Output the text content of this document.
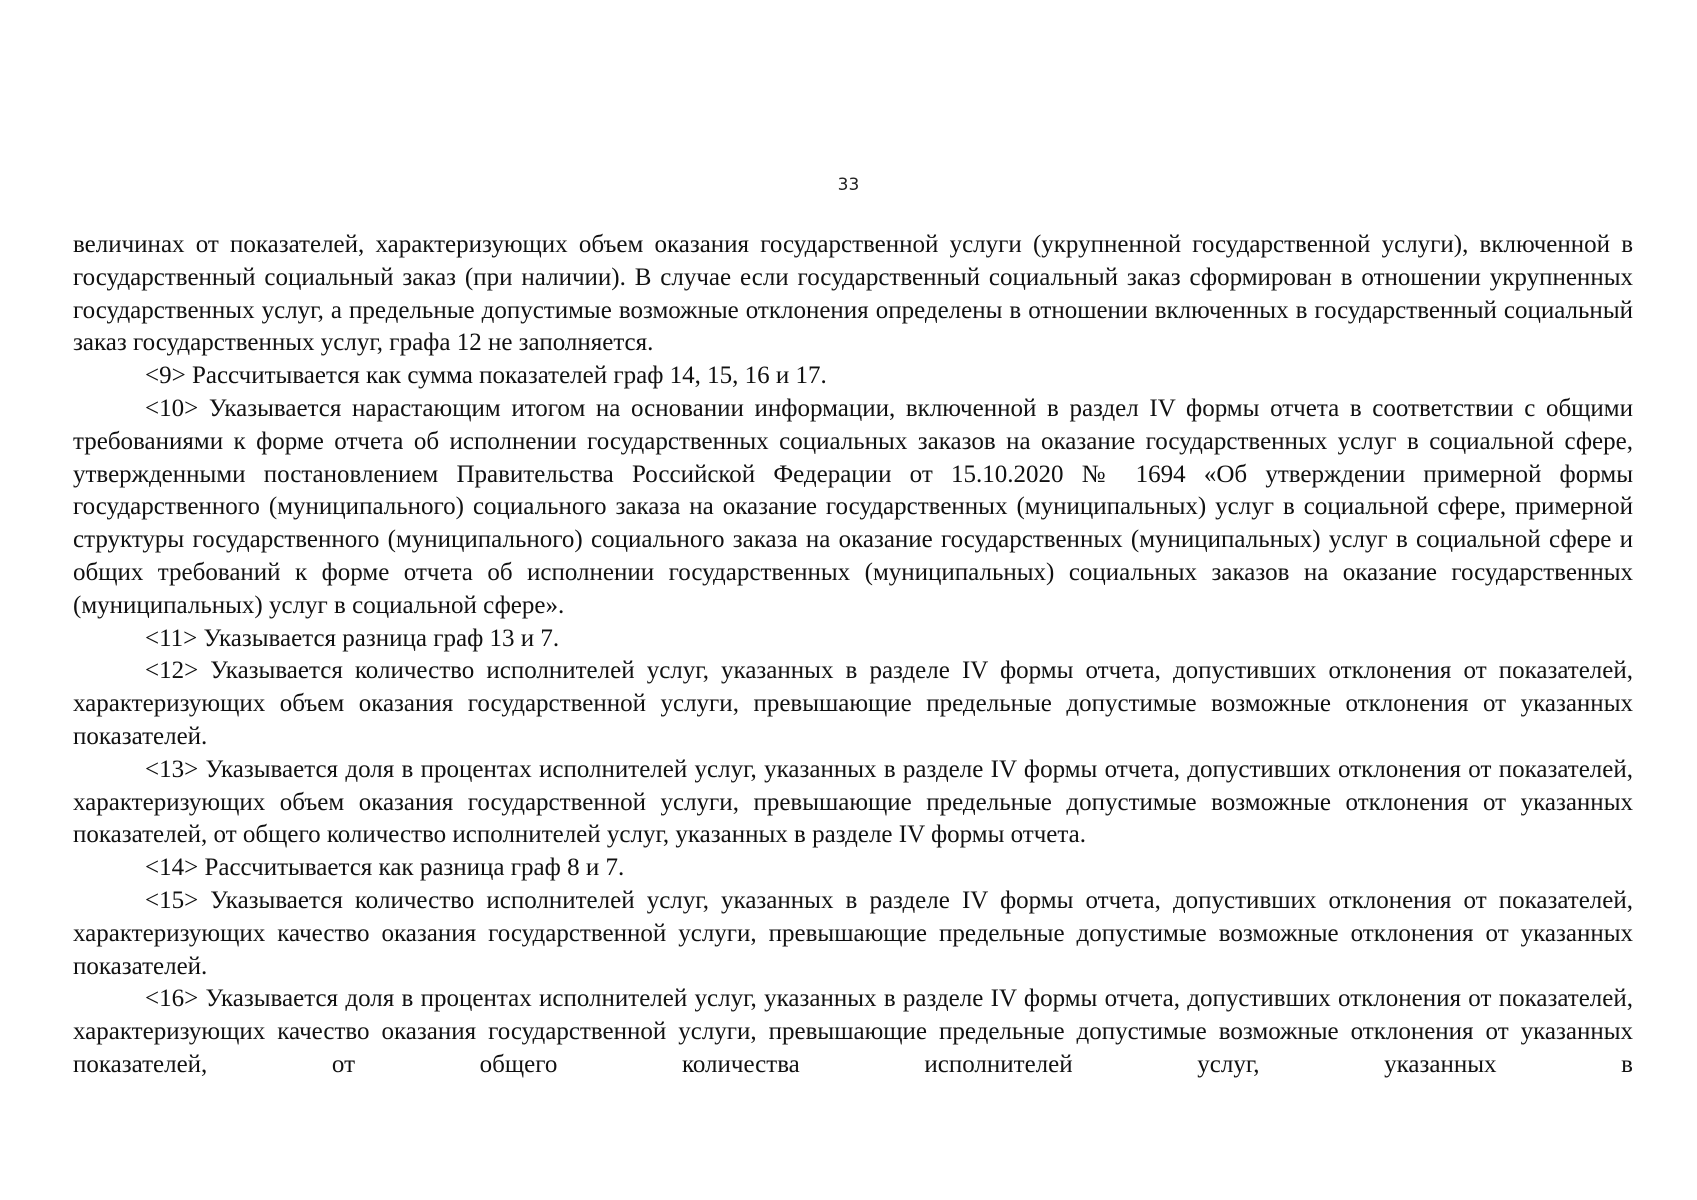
33

величинах от показателей, характеризующих объем оказания государственной услуги (укрупненной государственной услуги), включенной в государственный социальный заказ (при наличии). В случае если государственный социальный заказ сформирован в отношении укрупненных государственных услуг, а предельные допустимые возможные отклонения определены в отношении включенных в государственный социальный заказ государственных услуг, графа 12 не заполняется.

<9> Рассчитывается как сумма показателей граф 14, 15, 16 и 17.

<10> Указывается нарастающим итогом на основании информации, включенной в раздел IV формы отчета в соответствии с общими требованиями к форме отчета об исполнении государственных социальных заказов на оказание государственных услуг в социальной сфере, утвержденными постановлением Правительства Российской Федерации от 15.10.2020 № 1694 «Об утверждении примерной формы государственного (муниципального) социального заказа на оказание государственных (муниципальных) услуг в социальной сфере, примерной структуры государственного (муниципального) социального заказа на оказание государственных (муниципальных) услуг в социальной сфере и общих требований к форме отчета об исполнении государственных (муниципальных) социальных заказов на оказание государственных (муниципальных) услуг в социальной сфере».

<11> Указывается разница граф 13 и 7.

<12> Указывается количество исполнителей услуг, указанных в разделе IV формы отчета, допустивших отклонения от показателей, характеризующих объем оказания государственной услуги, превышающие предельные допустимые возможные отклонения от указанных показателей.

<13> Указывается доля в процентах исполнителей услуг, указанных в разделе IV формы отчета, допустивших отклонения от показателей, характеризующих объем оказания государственной услуги, превышающие предельные допустимые возможные отклонения от указанных показателей, от общего количество исполнителей услуг, указанных в разделе IV формы отчета.

<14> Рассчитывается как разница граф 8 и 7.

<15> Указывается количество исполнителей услуг, указанных в разделе IV формы отчета, допустивших отклонения от показателей, характеризующих качество оказания государственной услуги, превышающие предельные допустимые возможные отклонения от указанных показателей.

<16> Указывается доля в процентах исполнителей услуг, указанных в разделе IV формы отчета, допустивших отклонения от показателей, характеризующих качество оказания государственной услуги, превышающие предельные допустимые возможные отклонения от указанных показателей, от общего количества исполнителей услуг, указанных в
